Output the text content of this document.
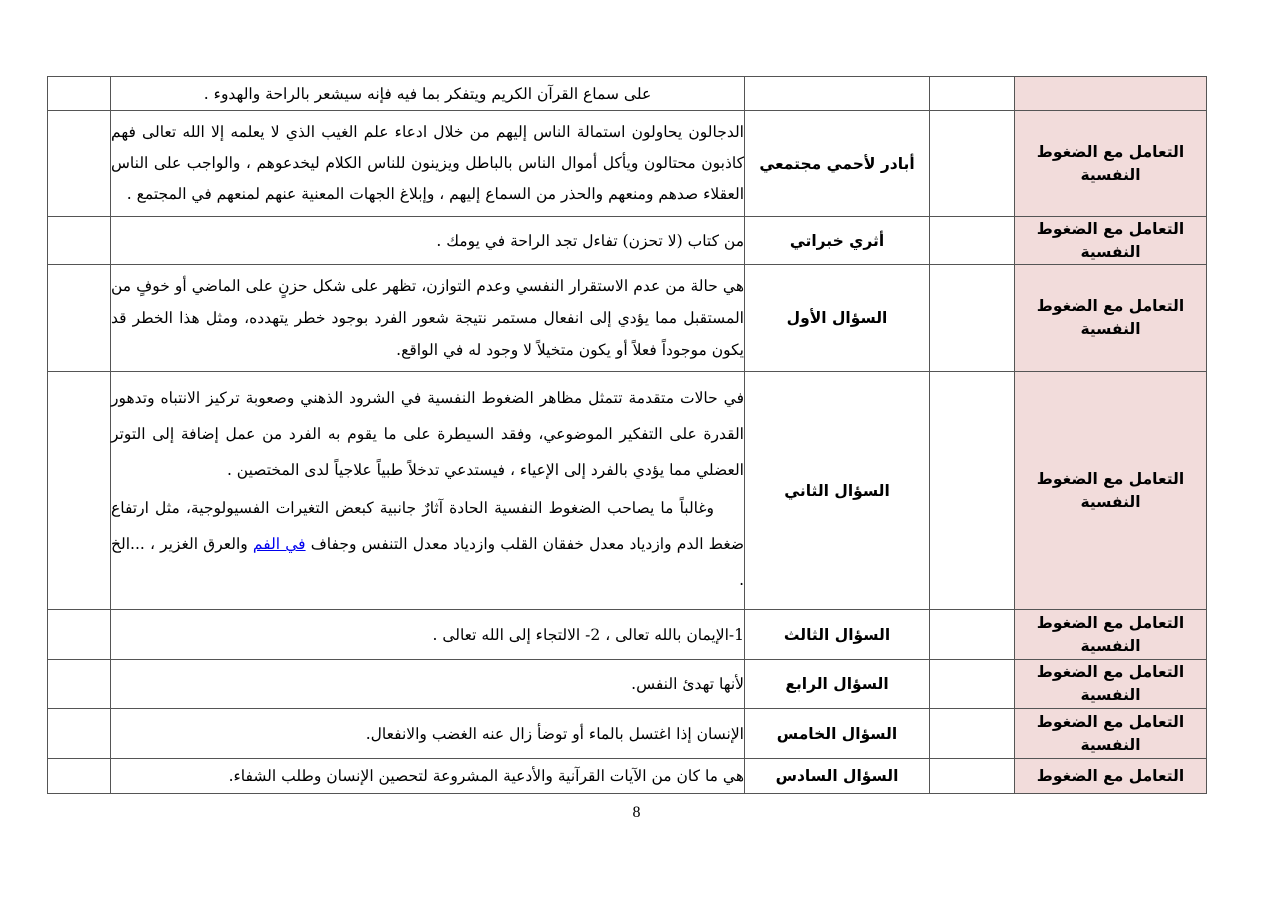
	على سماع القرآن الكريم ويتفكر بما فيه فإنه سيشعر بالراحة والهدوء .			

	الدجالون يحاولون استمالة الناس إليهم من خلال ادعاء علم الغيب الذي لا يعلمه إلا الله تعالى فهم كاذبون محتالون ويأكل أموال الناس بالباطل ويزينون للناس الكلام ليخدعوهم ، والواجب على الناس العقلاء صدهم ومنعهم والحذر من السماع إليهم ، وإبلاغ الجهات المعنية عنهم لمنعهم في المجتمع .	أبادر لأحمي مجتمعي		التعامل مع الضغوط النفسية

	من كتاب (لا تحزن) تفاءل تجد الراحة في يومك .	أثري خبراتي		التعامل مع الضغوط النفسية

	هي حالة من عدم الاستقرار النفسي وعدم التوازن، تظهر على شكل حزنٍ على الماضي أو خوفٍ من المستقبل مما يؤدي إلى انفعال مستمر نتيجة شعور الفرد بوجود خطر يتهدده، ومثل هذا الخطر قد يكون موجوداً فعلاً أو يكون متخيلاً لا وجود له في الواقع.	السؤال الأول		التعامل مع الضغوط النفسية

	في حالات متقدمة تتمثل مظاهر الضغوط النفسية في الشرود الذهني وصعوبة تركيز الانتباه وتدهور القدرة على التفكير الموضوعي، وفقد السيطرة على ما يقوم به الفرد من عمل إضافة إلى التوتر العضلي مما يؤدي بالفرد إلى الإعياء ، فيستدعي تدخلاً طبياً علاجياً لدى المختصين .

وغالباً ما يصاحب الضغوط النفسية الحادة آثارٌ جانبية كبعض التغيرات الفسيولوجية، مثل ارتفاع ضغط الدم وازدياد معدل خفقان القلب وازدياد معدل التنفس وجفاف في الفم والعرق الغزير ، ...الخ .	السؤال الثاني		التعامل مع الضغوط النفسية

	1-الإيمان بالله تعالى ، 2- الالتجاء إلى الله تعالى .	السؤال الثالث		التعامل مع الضغوط النفسية

	لأنها تهدئ النفس.	السؤال الرابع		التعامل مع الضغوط النفسية

	الإنسان إذا اغتسل بالماء أو توضأ زال عنه الغضب والانفعال.	السؤال الخامس		التعامل مع الضغوط النفسية

	هي ما كان من الآيات القرآنية والأدعية المشروعة لتحصين الإنسان وطلب الشفاء.	السؤال السادس		التعامل مع الضغوط
8
